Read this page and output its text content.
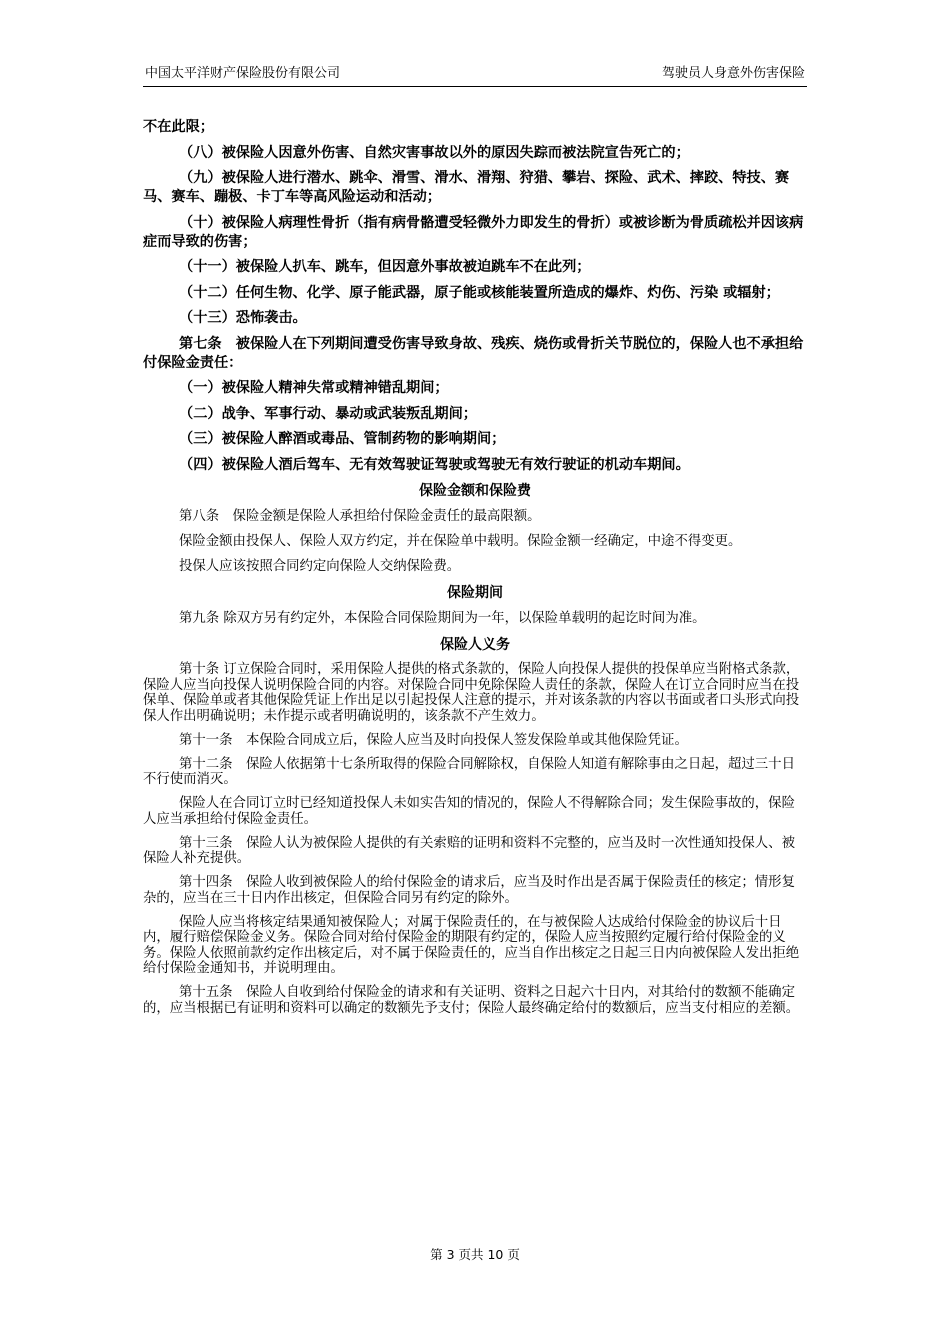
中国太平洋财产保险股份有限公司	驾驶员人身意外伤害保险

不在此限；

（八）被保险人因意外伤害、自然灾害事故以外的原因失踪而被法院宣告死亡的；

（九）被保险人进行潜水、跳伞、滑雪、滑水、滑翔、狩猎、攀岩、探险、武术、摔跤、特技、赛马、赛车、蹦极、卡丁车等高风险运动和活动；

（十）被保险人病理性骨折（指有病骨骼遭受轻微外力即发生的骨折）或被诊断为骨质疏松并因该病症而导致的伤害；

（十一）被保险人扒车、跳车，但因意外事故被迫跳车不在此列；

（十二）任何生物、化学、原子能武器，原子能或核能装置所造成的爆炸、灼伤、污染 或辐射；

（十三）恐怖袭击。

第七条　被保险人在下列期间遭受伤害导致身故、残疾、烧伤或骨折关节脱位的，保险人也不承担给付保险金责任：

（一）被保险人精神失常或精神错乱期间；

（二）战争、军事行动、暴动或武装叛乱期间；

（三）被保险人醉酒或毒品、管制药物的影响期间；

（四）被保险人酒后驾车、无有效驾驶证驾驶或驾驶无有效行驶证的机动车期间。

保险金额和保险费

第八条　保险金额是保险人承担给付保险金责任的最高限额。

保险金额由投保人、保险人双方约定，并在保险单中载明。保险金额一经确定，中途不得变更。

投保人应该按照合同约定向保险人交纳保险费。

保险期间

第九条 除双方另有约定外，本保险合同保险期间为一年，以保险单载明的起讫时间为准。

保险人义务

第十条 订立保险合同时，采用保险人提供的格式条款的，保险人向投保人提供的投保单应当附格式条款，保险人应当向投保人说明保险合同的内容。对保险合同中免除保险人责任的条款，保险人在订立合同时应当在投保单、保险单或者其他保险凭证上作出足以引起投保人注意的提示，并对该条款的内容以书面或者口头形式向投保人作出明确说明；未作提示或者明确说明的，该条款不产生效力。

第十一条　本保险合同成立后，保险人应当及时向投保人签发保险单或其他保险凭证。

第十二条　保险人依据第十七条所取得的保险合同解除权，自保险人知道有解除事由之日起，超过三十日不行使而消灭。

保险人在合同订立时已经知道投保人未如实告知的情况的，保险人不得解除合同；发生保险事故的，保险人应当承担给付保险金责任。

第十三条　保险人认为被保险人提供的有关索赔的证明和资料不完整的，应当及时一次性通知投保人、被保险人补充提供。

第十四条　保险人收到被保险人的给付保险金的请求后，应当及时作出是否属于保险责任的核定；情形复杂的，应当在三十日内作出核定，但保险合同另有约定的除外。

保险人应当将核定结果通知被保险人；对属于保险责任的，在与被保险人达成给付保险金的协议后十日内，履行赔偿保险金义务。保险合同对给付保险金的期限有约定的，保险人应当按照约定履行给付保险金的义务。保险人依照前款约定作出核定后，对不属于保险责任的，应当自作出核定之日起三日内向被保险人发出拒绝给付保险金通知书，并说明理由。

第十五条　保险人自收到给付保险金的请求和有关证明、资料之日起六十日内，对其给付的数额不能确定的，应当根据已有证明和资料可以确定的数额先予支付；保险人最终确定给付的数额后，应当支付相应的差额。

第 3 页共 10 页
